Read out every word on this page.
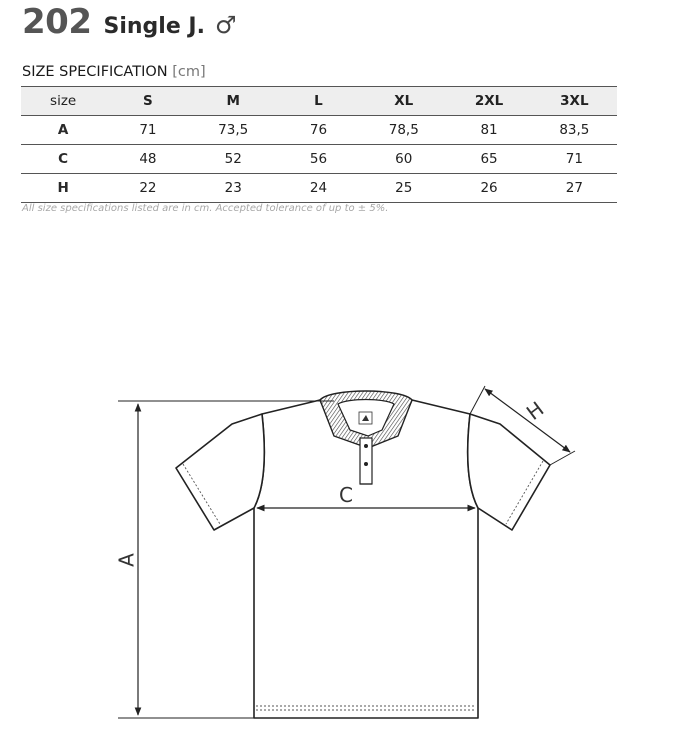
202 Single J. ♂
SIZE SPECIFICATION [cm]
size	S	M	L	XL	2XL	3XL
A	71	73,5	76	78,5	81	83,5
C	48	52	56	60	65	71
H	22	23	24	25	26	27
All size specifications listed are in cm. Accepted tolerance of up to ± 5%.
A
C
H
